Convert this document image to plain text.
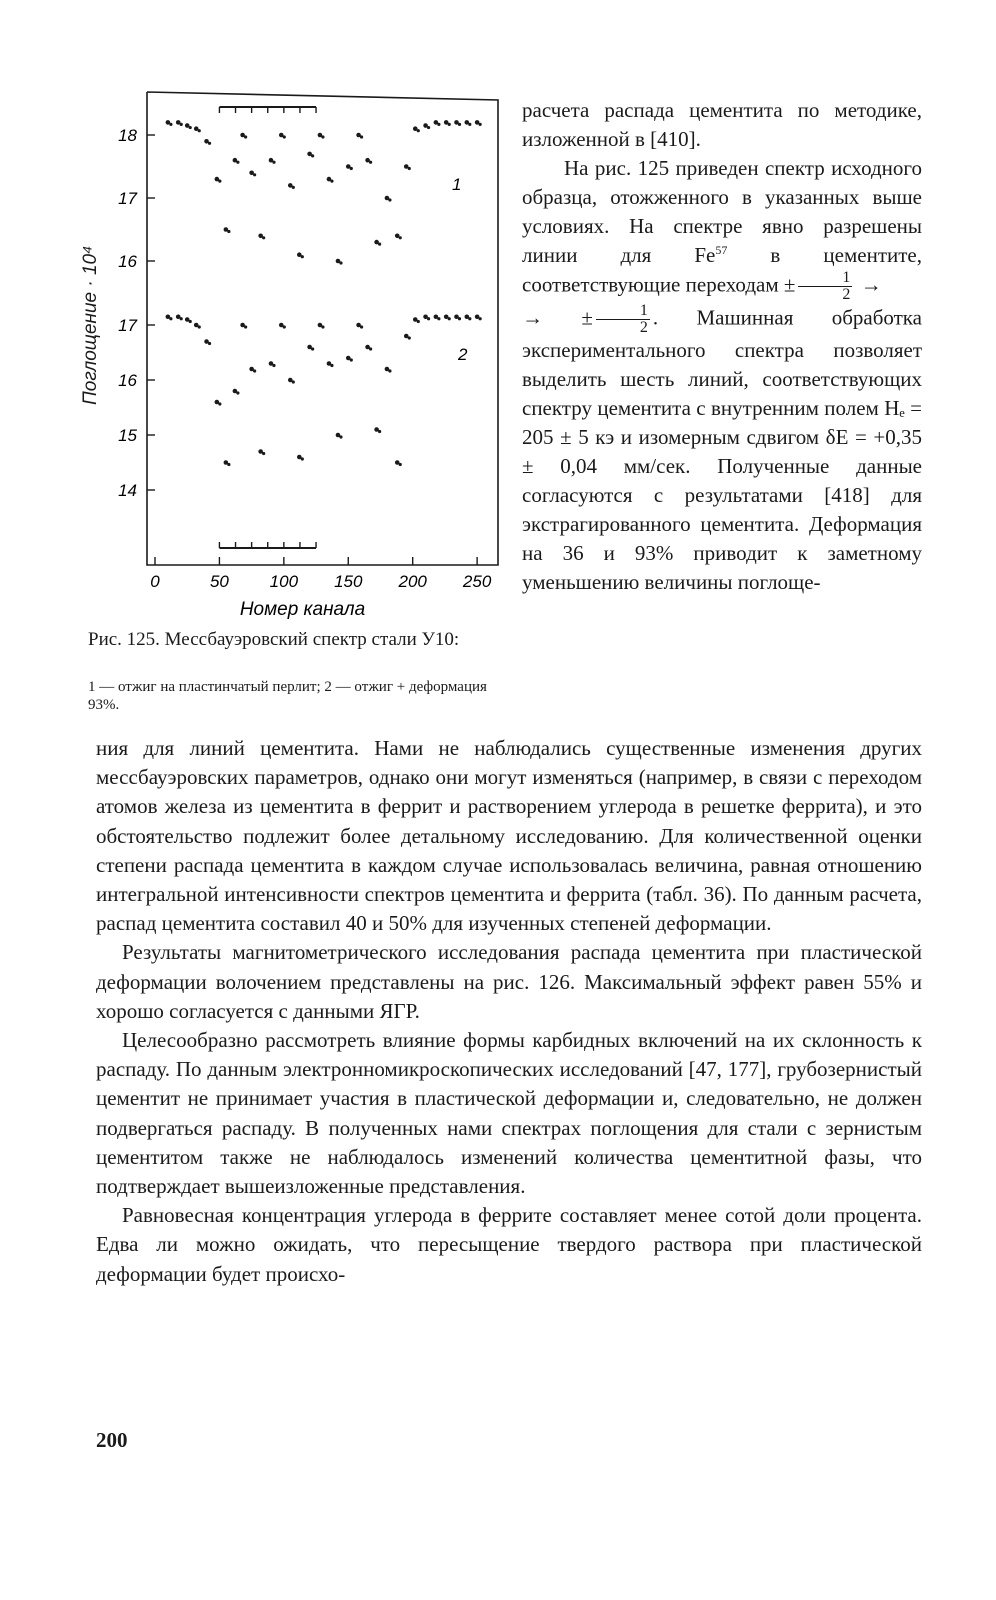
0	50 100 150 200 250
Номер канала
18
17
16
17
16
15
14
1
2
Поглощение · 10⁴
Рис. 125. Мессбауэровский спектр стали У10:
1 — отжиг на пластинчатый перлит; 2 — отжиг + деформация 93%.

расчета распада цементита по методике, изложенной в [410].

На рис. 125 приведен спектр исходного образца, отожженного в указанных выше условиях. На спектре явно разрешены линии для Fe$^{57}$ в цементите, соответствующие переходам ± $\frac{1}{2}$ →
→ ± $\frac{1}{2}$ . Машинная обработка экспериментального спектра позволяет выделить шесть линий, соответствующих спектру цементита с внутренним полем Hₑ = 205 ± 5 кэ и изомерным сдвигом δE = +0,35 ± 0,04 мм/сек. Полученные данные согласуются с результатами [418] для экстрагированного цементита. Деформация на 36 и 93% приводит к заметному уменьшению величины поглоще-

ния для линий цементита. Нами не наблюдались существенные изменения других мессбауэровских параметров, однако они могут изменяться (например, в связи с переходом атомов железа из цементита в феррит и растворением углерода в решетке феррита), и это обстоятельство подлежит более детальному исследованию. Для количественной оценки степени распада цементита в каждом случае использовалась величина, равная отношению интегральной интенсивности спектров цементита и феррита (табл. 36). По данным расчета, распад цементита составил 40 и 50% для изученных степеней деформации.

Результаты магнитометрического исследования распада цементита при пластической деформации волочением представлены на рис. 126. Максимальный эффект равен 55% и хорошо согласуется с данными ЯГР.

Целесообразно рассмотреть влияние формы карбидных включений на их склонность к распаду. По данным электронномикроскопических исследований [47, 177], грубозернистый цементит не принимает участия в пластической деформации и, следовательно, не должен подвергаться распаду. В полученных нами спектрах поглощения для стали с зернистым цементитом также не наблюдалось изменений количества цементитной фазы, что подтверждает вышеизложенные представления.

Равновесная концентрация углерода в феррите составляет менее сотой доли процента. Едва ли можно ожидать, что пересыщение твердого раствора при пластической деформации будет происхо-

200
